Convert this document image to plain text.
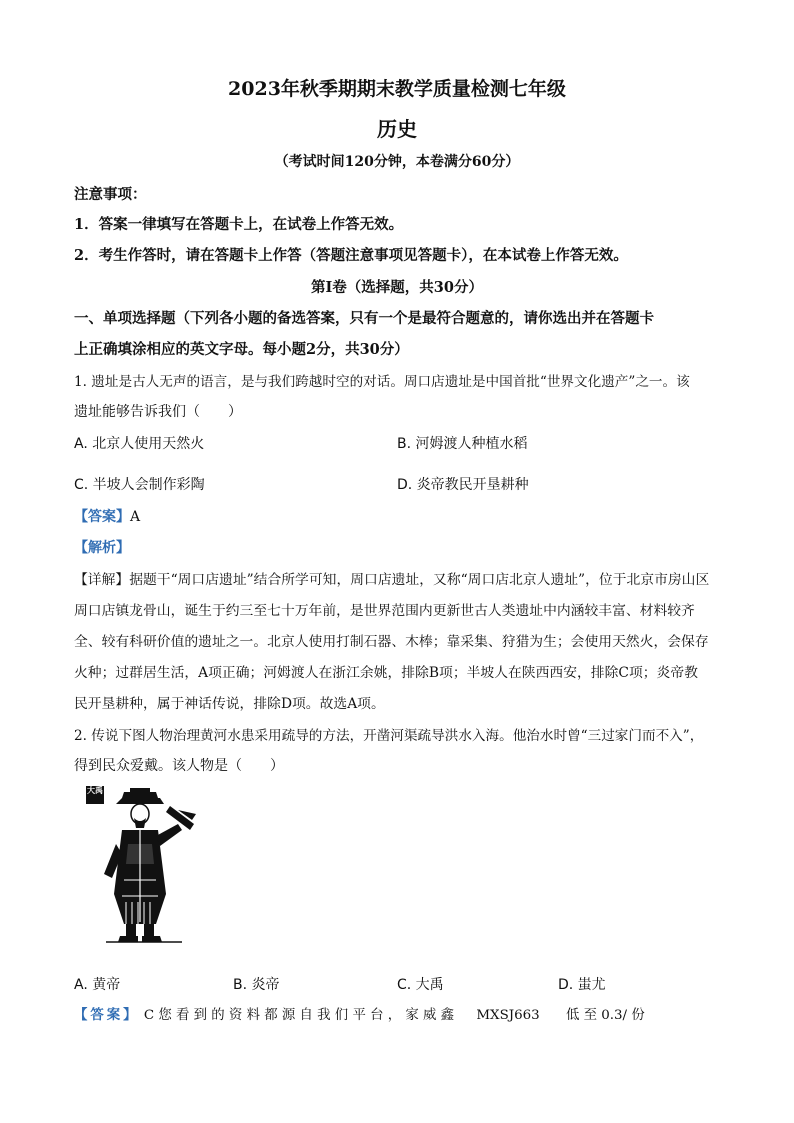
2023年秋季期期末教学质量检测七年级
历史
（考试时间120分钟，本卷满分60分）
注意事项：
1．答案一律填写在答题卡上，在试卷上作答无效。
2．考生作答时，请在答题卡上作答（答题注意事项见答题卡），在本试卷上作答无效。
第Ⅰ卷（选择题，共30分）
一、单项选择题（下列各小题的备选答案，只有一个是最符合题意的，请你选出并在答题卡
上正确填涂相应的英文字母。每小题2分，共30分）
1. 遗址是古人无声的语言，是与我们跨越时空的对话。周口店遗址是中国首批“世界文化遗产”之一。该
遗址能够告诉我们（　　）
A. 北京人使用天然火	B. 河姆渡人种植水稻
C. 半坡人会制作彩陶	D. 炎帝教民开垦耕种
【答案】A
【解析】
【详解】据题干“周口店遗址”结合所学可知，周口店遗址，又称“周口店北京人遗址”，位于北京市房山区
周口店镇龙骨山，诞生于约三至七十万年前，是世界范围内更新世古人类遗址中内涵较丰富、材料较齐
全、较有科研价值的遗址之一。北京人使用打制石器、木棒；靠采集、狩猎为生；会使用天然火，会保存
火种；过群居生活，A项正确；河姆渡人在浙江余姚，排除B项；半坡人在陕西西安，排除C项；炎帝教
民开垦耕种，属于神话传说，排除D项。故选A项。
2. 传说下图人物治理黄河水患采用疏导的方法，开凿河渠疏导洪水入海。他治水时曾“三过家门而不入”，
得到民众爱戴。该人物是（　　）
大禹
A. 黄帝	B. 炎帝	C. 大禹	D. 蚩尤
【答案】 C 您 看 到 的 资 料 都 源 自 我 们 平 台 ， 家 威 鑫 MXSJ663 低 至 0.3/ 份
